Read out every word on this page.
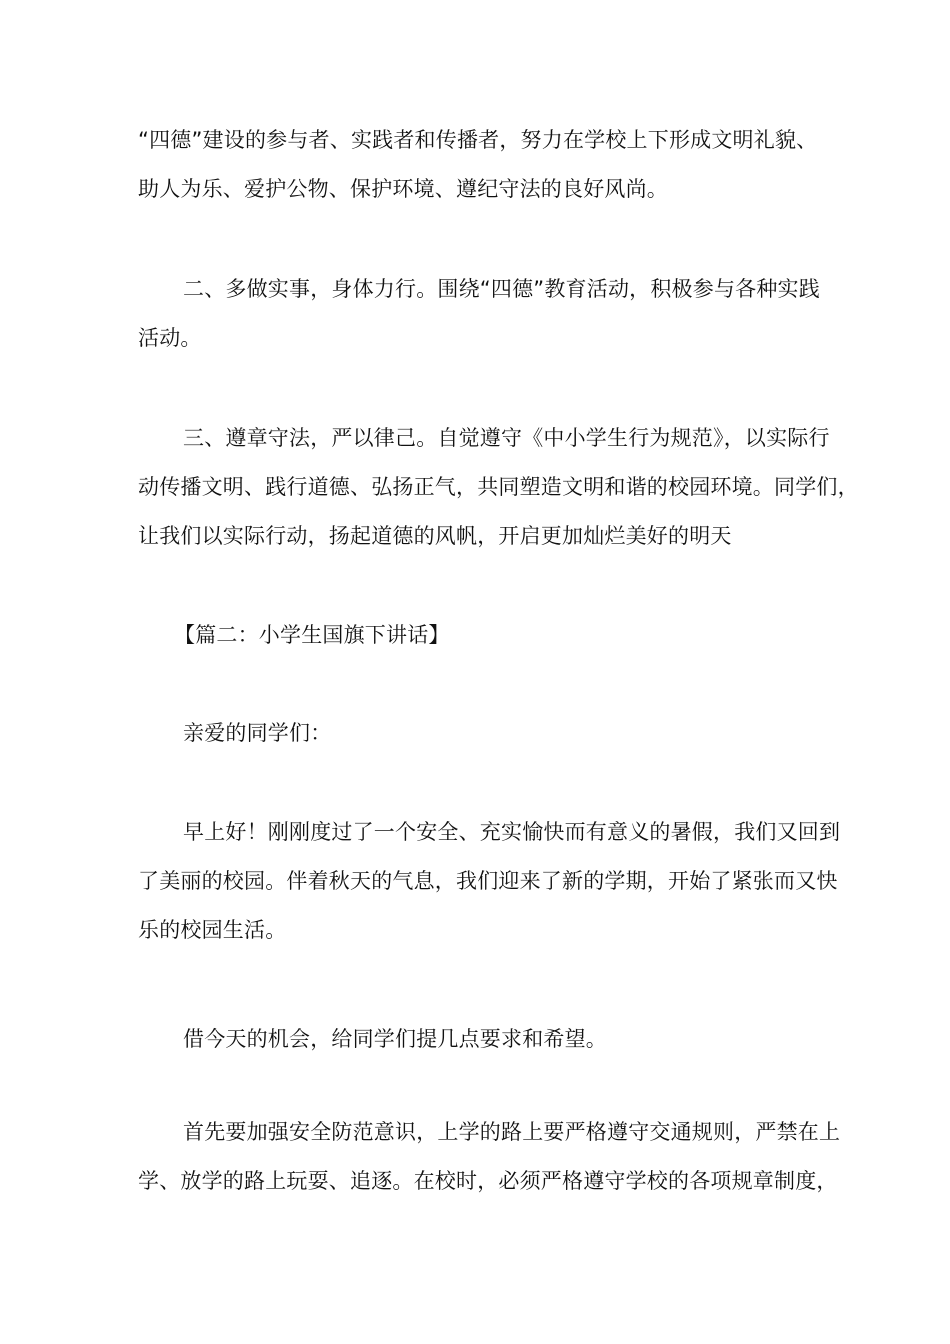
“四德”建设的参与者、实践者和传播者，努力在学校上下形成文明礼貌、
助人为乐、爱护公物、保护环境、遵纪守法的良好风尚。
二、多做实事，身体力行。围绕“四德”教育活动，积极参与各种实践
活动。
三、遵章守法，严以律己。自觉遵守《中小学生行为规范》，以实际行
动传播文明、践行道德、弘扬正气，共同塑造文明和谐的校园环境。同学们，
让我们以实际行动，扬起道德的风帆，开启更加灿烂美好的明天
【篇二：小学生国旗下讲话】
亲爱的同学们：
早上好！刚刚度过了一个安全、充实愉快而有意义的暑假，我们又回到
了美丽的校园。伴着秋天的气息，我们迎来了新的学期，开始了紧张而又快
乐的校园生活。
借今天的机会，给同学们提几点要求和希望。
首先要加强安全防范意识，上学的路上要严格遵守交通规则，严禁在上
学、放学的路上玩耍、追逐。在校时，必须严格遵守学校的各项规章制度，
